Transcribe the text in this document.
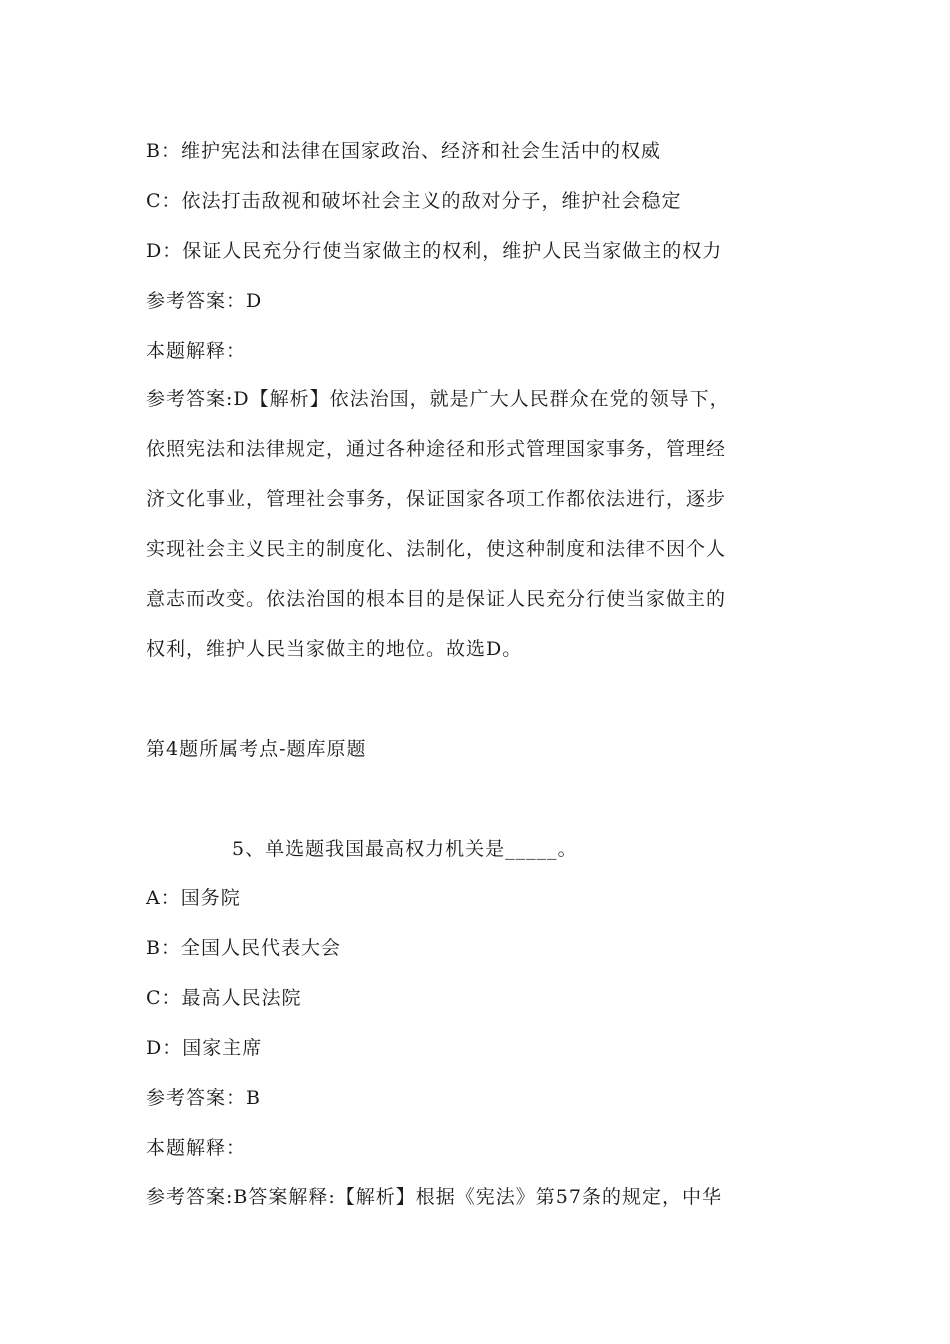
B：维护宪法和法律在国家政治、经济和社会生活中的权威
C：依法打击敌视和破坏社会主义的敌对分子，维护社会稳定
D：保证人民充分行使当家做主的权利，维护人民当家做主的权力
参考答案：D
本题解释：
参考答案:D【解析】依法治国，就是广大人民群众在党的领导下，
依照宪法和法律规定，通过各种途径和形式管理国家事务，管理经
济文化事业，管理社会事务，保证国家各项工作都依法进行，逐步
实现社会主义民主的制度化、法制化，使这种制度和法律不因个人
意志而改变。依法治国的根本目的是保证人民充分行使当家做主的
权利，维护人民当家做主的地位。故选D。
第4题所属考点-题库原题
5、单选题我国最高权力机关是_____。
A：国务院
B：全国人民代表大会
C：最高人民法院
D：国家主席
参考答案：B
本题解释：
参考答案:B答案解释:【解析】根据《宪法》第57条的规定，中华
